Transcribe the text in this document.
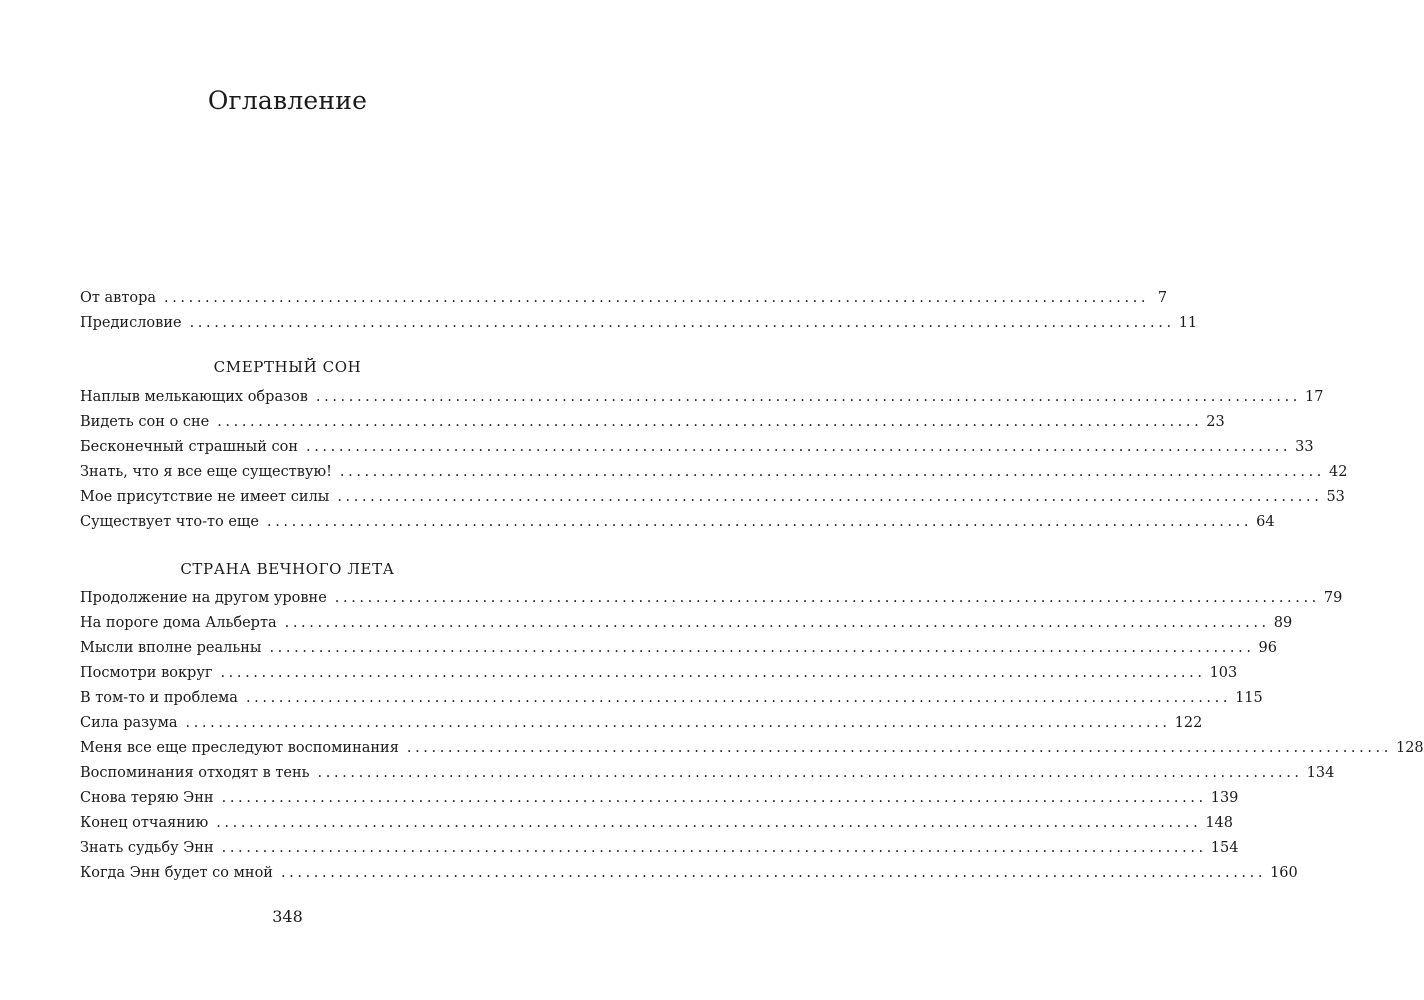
Оглавление
От автора ........................................................................................................................ 7
Предисловие ........................................................................................................................ 11
СМЕРТНЫЙ СОН
Наплыв мелькающих образов ........................................................................................................................ 17
Видеть сон о сне ........................................................................................................................ 23
Бесконечный страшный сон ........................................................................................................................ 33
Знать, что я все еще существую! ........................................................................................................................ 42
Мое присутствие не имеет силы ........................................................................................................................ 53
Существует что-то еще ........................................................................................................................ 64
СТРАНА ВЕЧНОГО ЛЕТА
Продолжение на другом уровне ........................................................................................................................ 79
На пороге дома Альберта ........................................................................................................................ 89
Мысли вполне реальны ........................................................................................................................ 96
Посмотри вокруг ........................................................................................................................ 103
В том-то и проблема ........................................................................................................................ 115
Сила разума ........................................................................................................................ 122
Меня все еще преследуют воспоминания ........................................................................................................................ 128
Воспоминания отходят в тень ........................................................................................................................ 134
Снова теряю Энн ........................................................................................................................ 139
Конец отчаянию ........................................................................................................................ 148
Знать судьбу Энн ........................................................................................................................ 154
Когда Энн будет со мной ........................................................................................................................ 160
348
